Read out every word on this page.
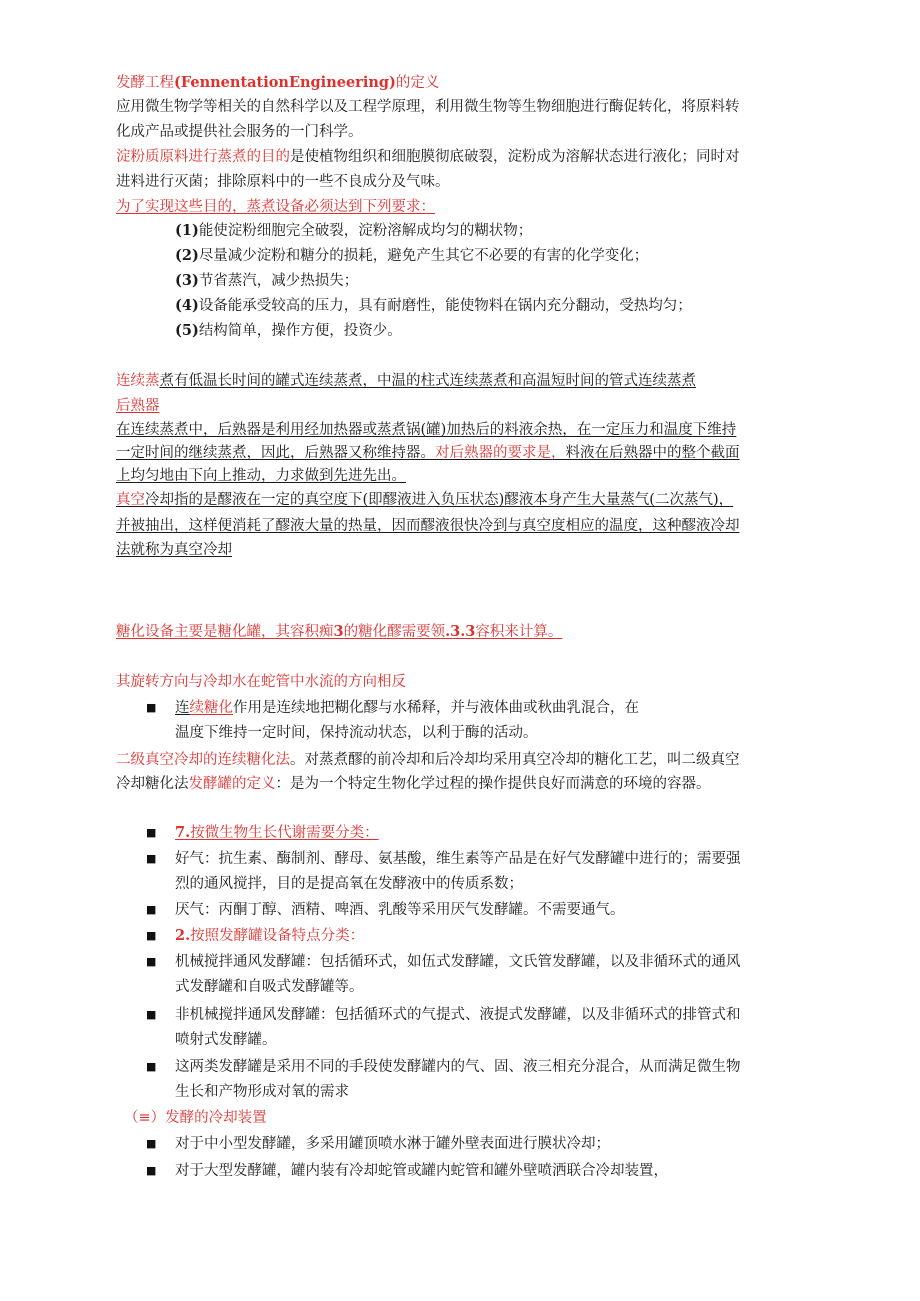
发酵工程(FennentationEngineering)的定义
应用微生物学等相关的自然科学以及工程学原理，利用微生物等生物细胞进行酶促转化，将原料转
化成产品或提供社会服务的一门科学。
淀粉质原料进行蒸煮的目的是使植物组织和细胞膜彻底破裂，淀粉成为溶解状态进行液化；同时对
进料进行灭菌；排除原料中的一些不良成分及气味。
为了实现这些目的，蒸煮设备必须达到下列要求：
(1)能使淀粉细胞完全破裂，淀粉溶解成均匀的糊状物；
(2)尽量减少淀粉和糖分的损耗，避免产生其它不必要的有害的化学变化；
(3)节省蒸汽，减少热损失；
(4)设备能承受较高的压力，具有耐磨性，能使物料在锅内充分翻动，受热均匀；
(5)结构简单，操作方便，投资少。
连续蒸煮有低温长时间的罐式连续蒸煮，中温的柱式连续蒸煮和高温短时间的管式连续蒸煮
后熟器
在连续蒸煮中，后熟器是利用经加热器或蒸煮锅(罐)加热后的料液余热，在一定压力和温度下维持
一定时间的继续蒸煮，因此，后熟器又称维持器。对后熟器的要求是，料液在后熟器中的整个截面
上均匀地由下向上推动，力求做到先进先出。
真空冷却指的是醪液在一定的真空度下(即醪液进入负压状态)醪液本身产生大量蒸气(二次蒸气)，
并被抽出，这样便消耗了醪液大量的热量，因而醪液很快冷到与真空度相应的温度，这种醪液冷却
法就称为真空冷却
糖化设备主要是糖化罐，其容积痴3的糖化醪需要领.3.3容积来计算。
其旋转方向与冷却水在蛇管中水流的方向相反
■ 连续糖化作用是连续地把糊化醪与水稀释，并与液体曲或秋曲乳混合，在
温度下维持一定时间，保持流动状态，以利于酶的活动。
二级真空冷却的连续糖化法。对蒸煮醪的前冷却和后冷却均采用真空冷却的糖化工艺，叫二级真空
冷却糖化法发酵罐的定义：是为一个特定生物化学过程的操作提供良好而满意的环境的容器。
■ 7.按微生物生长代谢需要分类：
■ 好气：抗生素、酶制剂、酵母、氨基酸，维生素等产品是在好气发酵罐中进行的；需要强
烈的通风搅拌，目的是提高氧在发酵液中的传质系数；
■ 厌气：丙酮丁醇、酒精、啤酒、乳酸等采用厌气发酵罐。不需要通气。
■ 2.按照发酵罐设备特点分类：
■ 机械搅拌通风发酵罐：包括循环式，如伍式发酵罐，文氏管发酵罐，以及非循环式的通风
式发酵罐和自吸式发酵罐等。
■ 非机械搅拌通风发酵罐：包括循环式的气提式、液提式发酵罐，以及非循环式的排管式和
喷射式发酵罐。
■ 这两类发酵罐是采用不同的手段使发酵罐内的气、固、液三相充分混合，从而满足微生物
生长和产物形成对氧的需求
（≡）发酵的冷却装置
■ 对于中小型发酵罐，多采用罐顶喷水淋于罐外壁表面进行膜状冷却；
■ 对于大型发酵罐，罐内装有冷却蛇管或罐内蛇管和罐外壁喷洒联合冷却装置，
